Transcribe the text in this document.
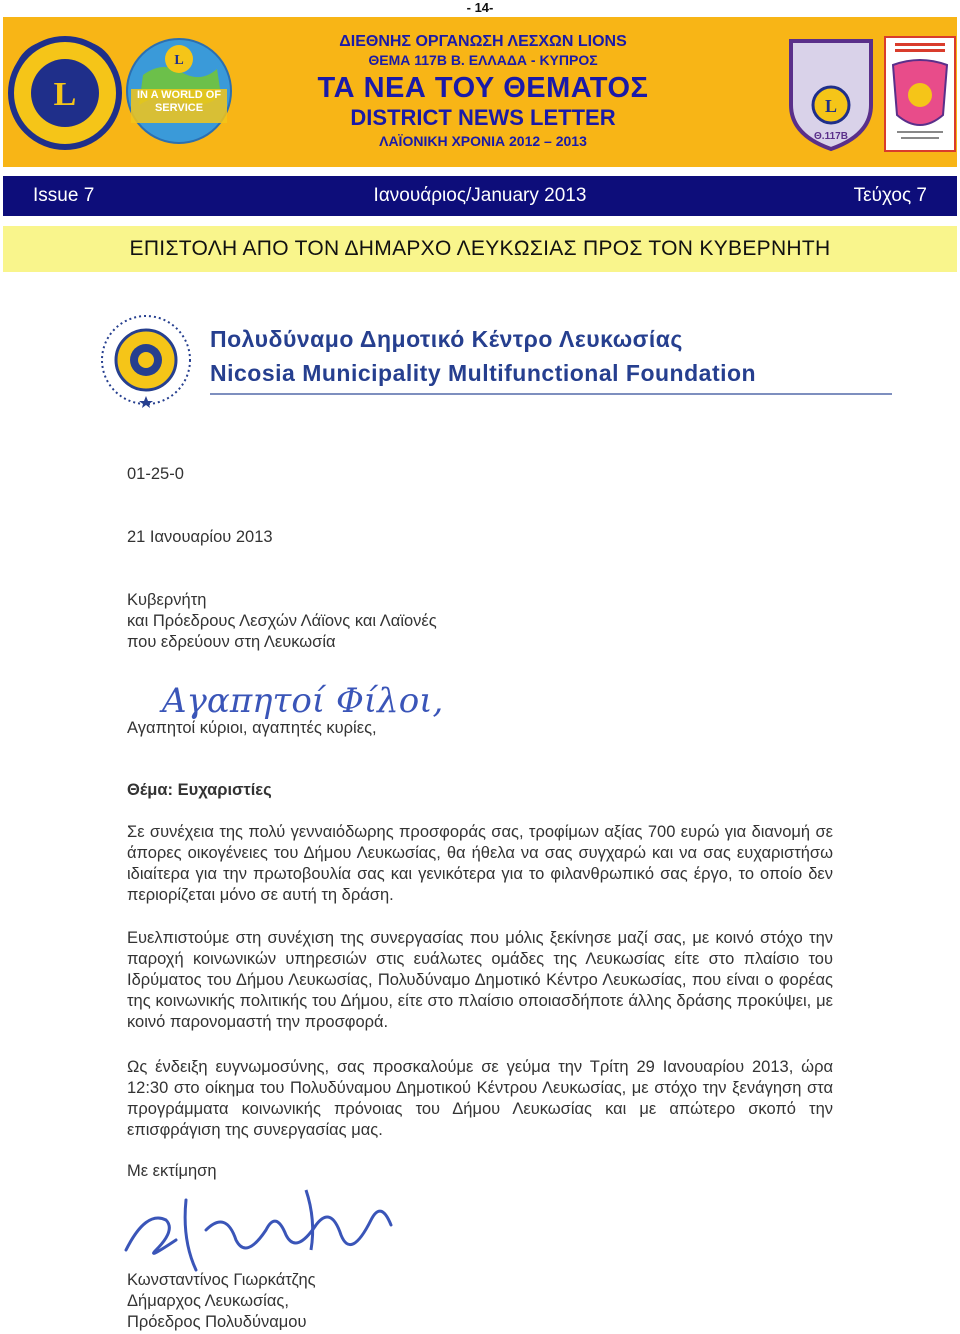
- 14-
L
L
IN A WORLD OF SERVICE
ΔΙΕΘΝΗΣ ΟΡΓΑΝΩΣΗ ΛΕΣΧΩΝ LIONS
ΘΕΜΑ 117Β Β. ΕΛΛΑΔΑ - ΚΥΠΡΟΣ
ΤΑ ΝΕΑ ΤΟΥ ΘΕΜΑΤΟΣ
DISTRICT NEWS LETTER
ΛΑΪΟΝΙΚΗ ΧΡΟΝΙΑ 2012 – 2013
L
Θ.117Β
Issue 7	Ιανουάριος/January 2013	Τεύχος 7
ΕΠΙΣΤΟΛΗ ΑΠΟ ΤΟΝ ΔΗΜΑΡΧΟ ΛΕΥΚΩΣΙΑΣ ΠΡΟΣ ΤΟΝ ΚΥΒΕΡΝΗΤΗ
Πολυδύναμο Δημοτικό Κέντρο Λευκωσίας
Nicosia Municipality Multifunctional Foundation
01-25-0
21 Ιανουαρίου 2013
Κυβερνήτη
και Πρόεδρους Λεσχών Λάϊονς και Λαϊονές
που εδρεύουν στη Λευκωσία
Αγαπητοί Φίλοι,
Αγαπητοί κύριοι, αγαπητές κυρίες,
Θέμα: Ευχαριστίες
Σε συνέχεια της πολύ γενναιόδωρης προσφοράς σας, τροφίμων αξίας 700 ευρώ για διανομή σε άπορες οικογένειες του Δήμου Λευκωσίας, θα ήθελα να σας συγχαρώ και να σας ευχαριστήσω ιδιαίτερα για την πρωτοβουλία σας και γενικότερα για το φιλανθρωπικό σας έργο, το οποίο δεν περιορίζεται μόνο σε αυτή τη δράση.
Ευελπιστούμε στη συνέχιση της συνεργασίας που μόλις ξεκίνησε μαζί σας, με κοινό στόχο την παροχή κοινωνικών υπηρεσιών στις ευάλωτες ομάδες της Λευκωσίας είτε στο πλαίσιο του Ιδρύματος του Δήμου Λευκωσίας, Πολυδύναμο Δημοτικό Κέντρο Λευκωσίας, που είναι ο φορέας της κοινωνικής πολιτικής του Δήμου, είτε στο πλαίσιο οποιασδήποτε άλλης δράσης προκύψει, με κοινό παρονομαστή την προσφορά.
Ως ένδειξη ευγνωμοσύνης, σας προσκαλούμε σε γεύμα την Τρίτη 29 Ιανουαρίου 2013, ώρα 12:30 στο οίκημα του Πολυδύναμου Δημοτικού Κέντρου Λευκωσίας, με στόχο την ξενάγηση στα προγράμματα κοινωνικής πρόνοιας του Δήμου Λευκωσίας και με απώτερο σκοπό την επισφράγιση της συνεργασίας μας.
Με εκτίμηση
Κωνσταντίνος Γιωρκάτζης
Δήμαρχος Λευκωσίας,
Πρόεδρος Πολυδύναμου
